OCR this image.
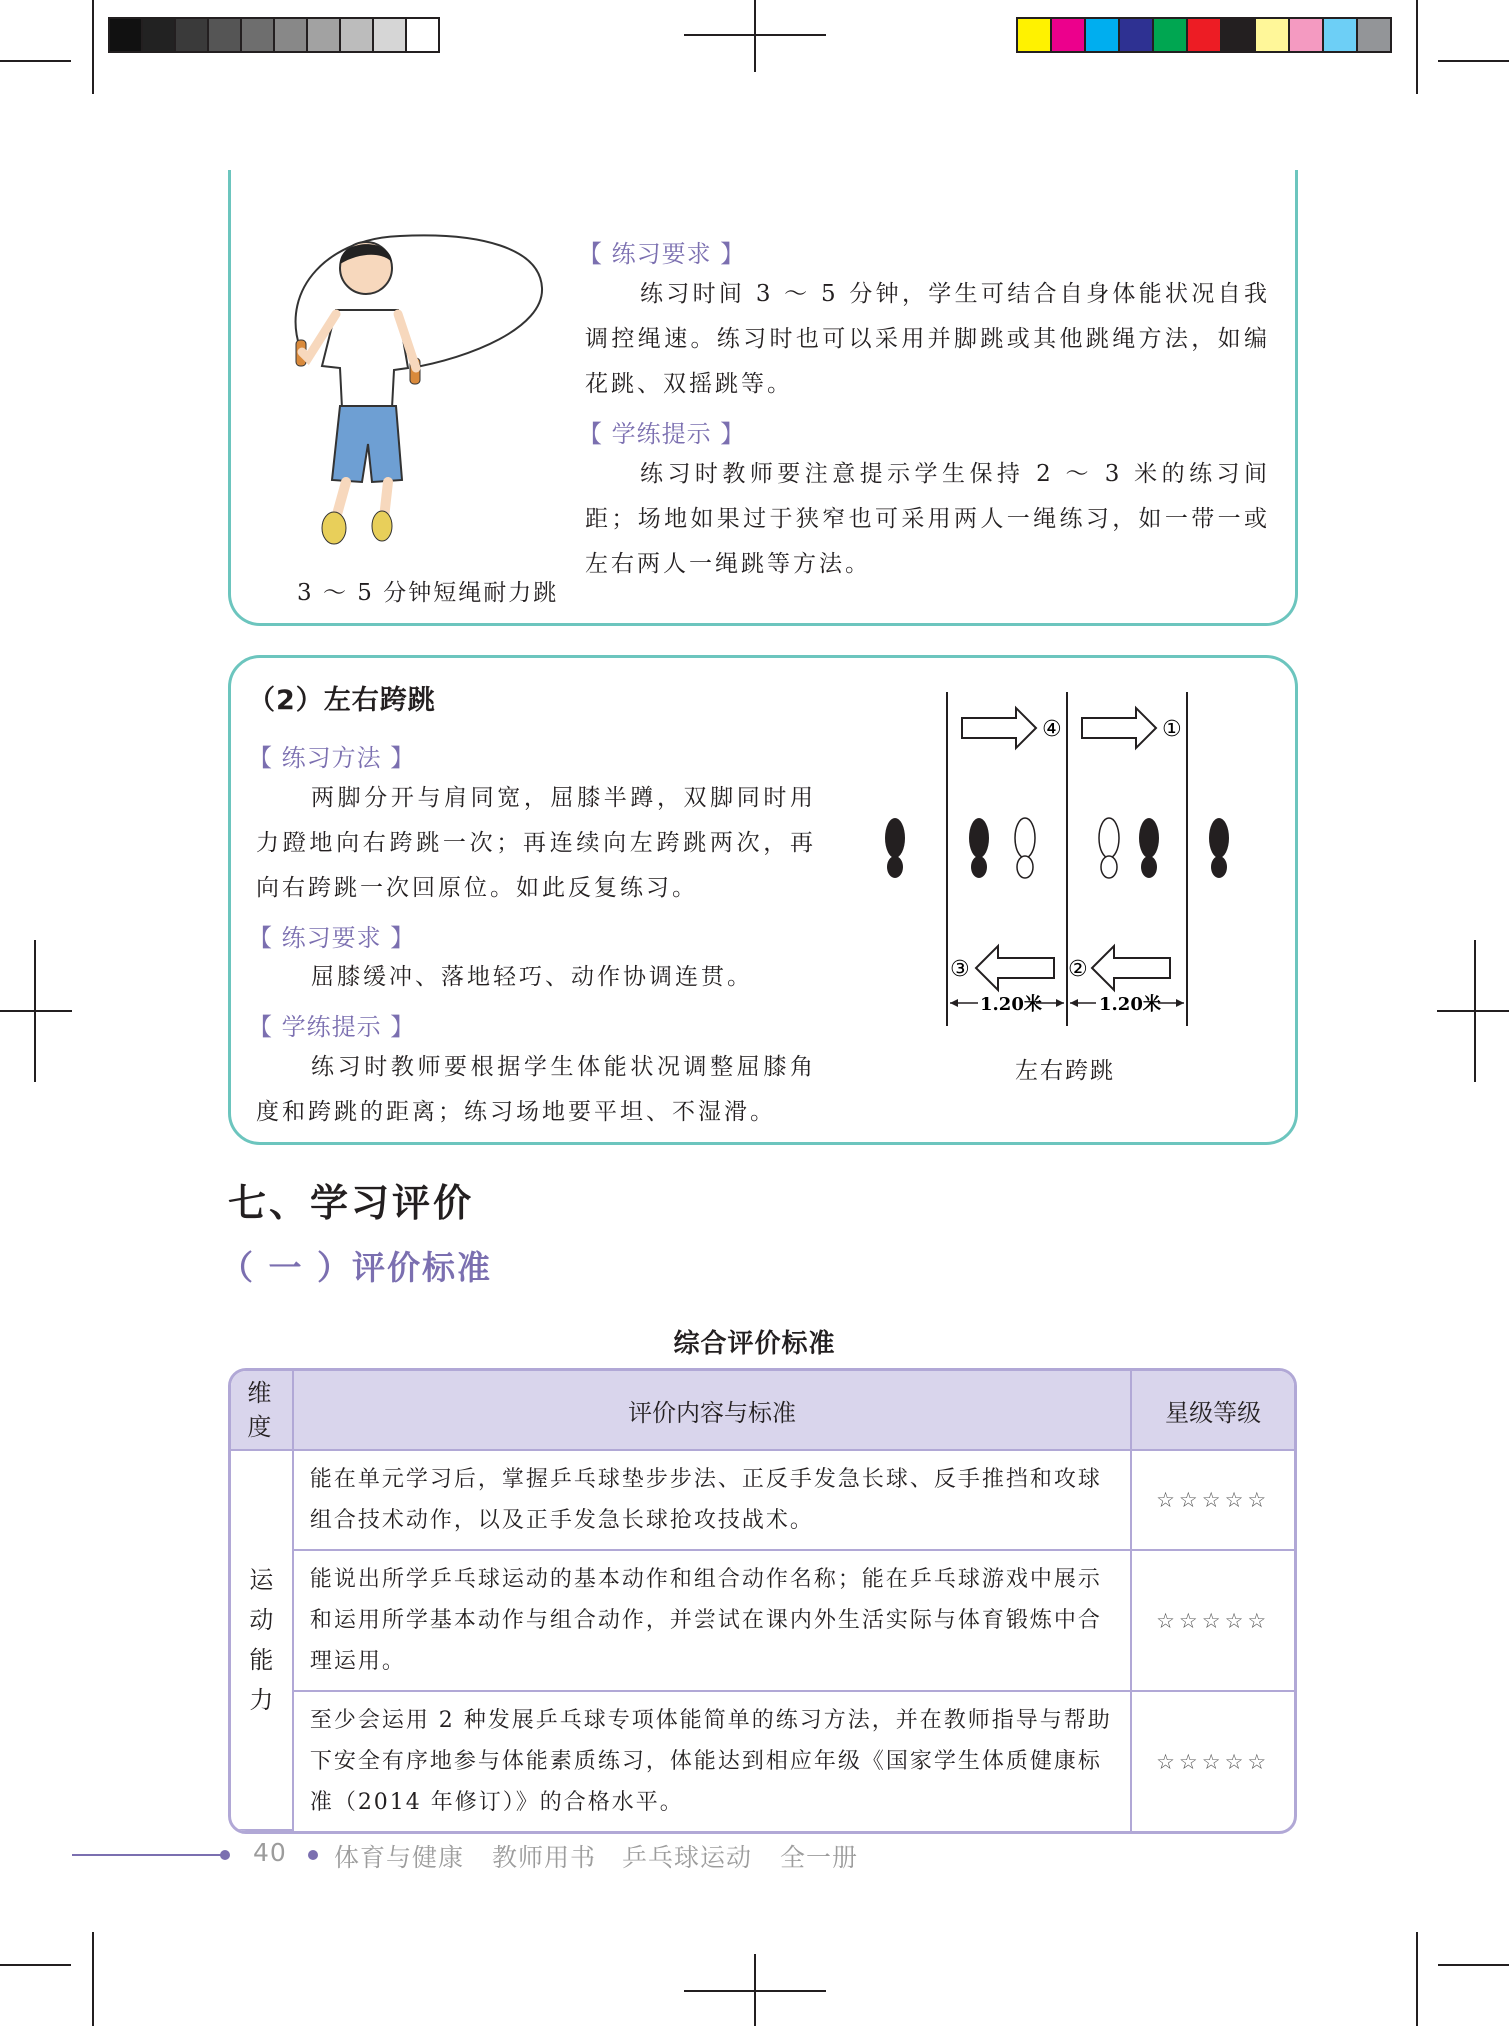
3 ～ 5 分钟短绳耐力跳
【 练习要求 】

练习时间 3 ～ 5 分钟，学生可结合自身体能状况自我调控绳速。练习时也可以采用并脚跳或其他跳绳方法，如编花跳、双摇跳等。

【 学练提示 】

练习时教师要注意提示学生保持 2 ～ 3 米的练习间距；场地如果过于狭窄也可采用两人一绳练习，如一带一或左右两人一绳跳等方法。

（2）左右跨跳
【 练习方法 】

两脚分开与肩同宽，屈膝半蹲，双脚同时用力蹬地向右跨跳一次；再连续向左跨跳两次，再向右跨跳一次回原位。如此反复练习。

【 练习要求 】

屈膝缓冲、落地轻巧、动作协调连贯。

【 学练提示 】

练习时教师要根据学生体能状况调整屈膝角度和跨跳的距离；练习场地要平坦、不湿滑。

④	①
③	②
1.20米	1.20米
左右跨跳
七、学习评价
（ 一 ）评价标准
综合评价标准
维度	评价内容与标准	星级等级

运动能力	能在单元学习后，掌握乒乓球垫步步法、正反手发急长球、反手推挡和攻球组合技术动作，以及正手发急长球抢攻技战术。	☆☆☆☆☆
	能说出所学乒乓球运动的基本动作和组合动作名称；能在乒乓球游戏中展示和运用所学基本动作与组合动作，并尝试在课内外生活实际与体育锻炼中合理运用。	☆☆☆☆☆
	至少会运用 2 种发展乒乓球专项体能简单的练习方法，并在教师指导与帮助下安全有序地参与体能素质练习，体能达到相应年级《国家学生体质健康标准（2014 年修订）》的合格水平。	☆☆☆☆☆
40 体育与健康 教师用书 乒乓球运动 全一册
